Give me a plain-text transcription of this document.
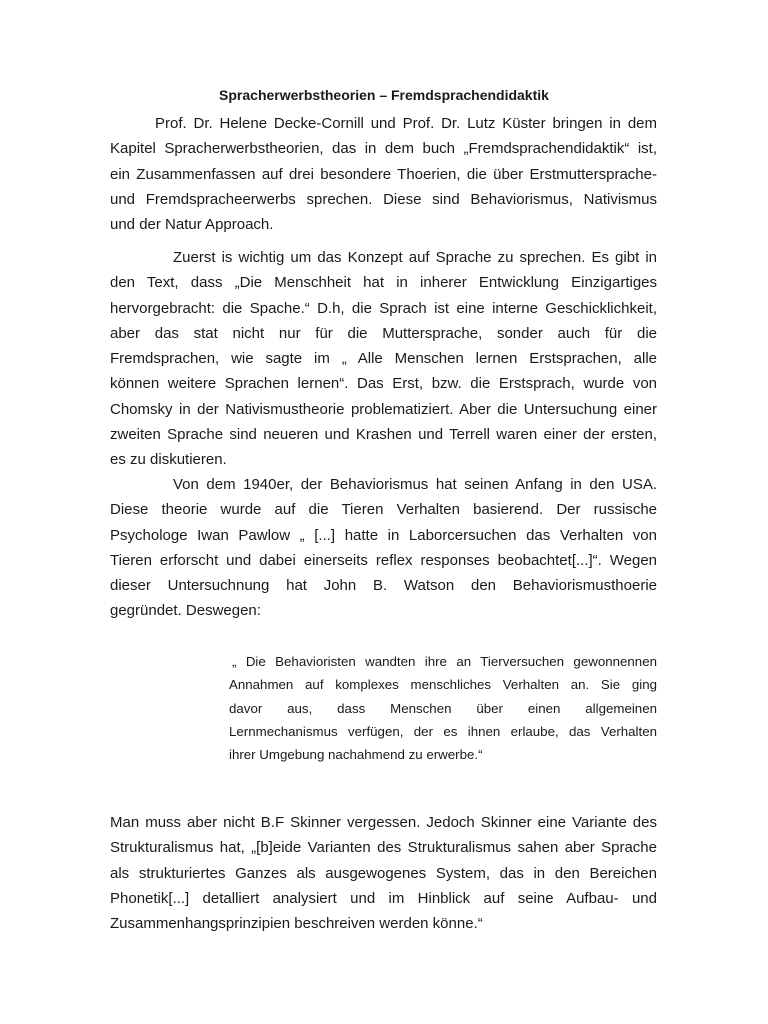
Spracherwerbstheorien – Fremdsprachendidaktik
Prof. Dr. Helene Decke-Cornill und Prof. Dr. Lutz Küster bringen in dem
Kapitel Spracherwerbstheorien, das in dem buch „Fremdsprachendidaktik“ ist,
ein Zusammenfassen auf drei besondere Thoerien, die über Erstmuttersprache-
und Fremdspracheerwerbs sprechen. Diese sind Behaviorismus, Nativismus
und der Natur Approach.
Zuerst is wichtig um das Konzept auf Sprache zu sprechen. Es gibt in
den Text, dass „Die Menschheit hat in inherer Entwicklung Einzigartiges
hervorgebracht: die Spache.“ D.h, die Sprach ist eine interne Geschicklichkeit,
aber das stat nicht nur für die Muttersprache, sonder auch für die
Fremdsprachen, wie sagte im „ Alle Menschen lernen Erstsprachen, alle
können weitere Sprachen lernen“. Das Erst, bzw. die Erstsprach, wurde von
Chomsky in der Nativismustheorie problematiziert. Aber die Untersuchung einer
zweiten Sprache sind neueren und Krashen und Terrell waren einer der ersten,
es zu diskutieren.
Von dem 1940er, der Behaviorismus hat seinen Anfang in den USA.
Diese theorie wurde auf die Tieren Verhalten basierend. Der russische
Psychologe Iwan Pawlow „ [...] hatte in Laborcersuchen das Verhalten von
Tieren erforscht und dabei einerseits reflex responses beobachtet[...]“. Wegen
dieser Untersuchnung hat John B. Watson den Behaviorismusthoerie
gegründet. Deswegen:
„ Die Behavioristen wandten ihre an Tierversuchen gewonnennen
Annahmen auf komplexes menschliches Verhalten an. Sie ging
davor aus, dass Menschen über einen allgemeinen
Lernmechanismus verfügen, der es ihnen erlaube, das Verhalten
ihrer Umgebung nachahmend zu erwerbe.“
Man muss aber nicht B.F Skinner vergessen. Jedoch Skinner eine Variante des
Strukturalismus hat, „[b]eide Varianten des Strukturalismus sahen aber Sprache
als strukturiertes Ganzes als ausgewogenes System, das in den Bereichen
Phonetik[...] detalliert analysiert und im Hinblick auf seine Aufbau- und
Zusammenhangsprinzipien beschreiven werden könne.“
